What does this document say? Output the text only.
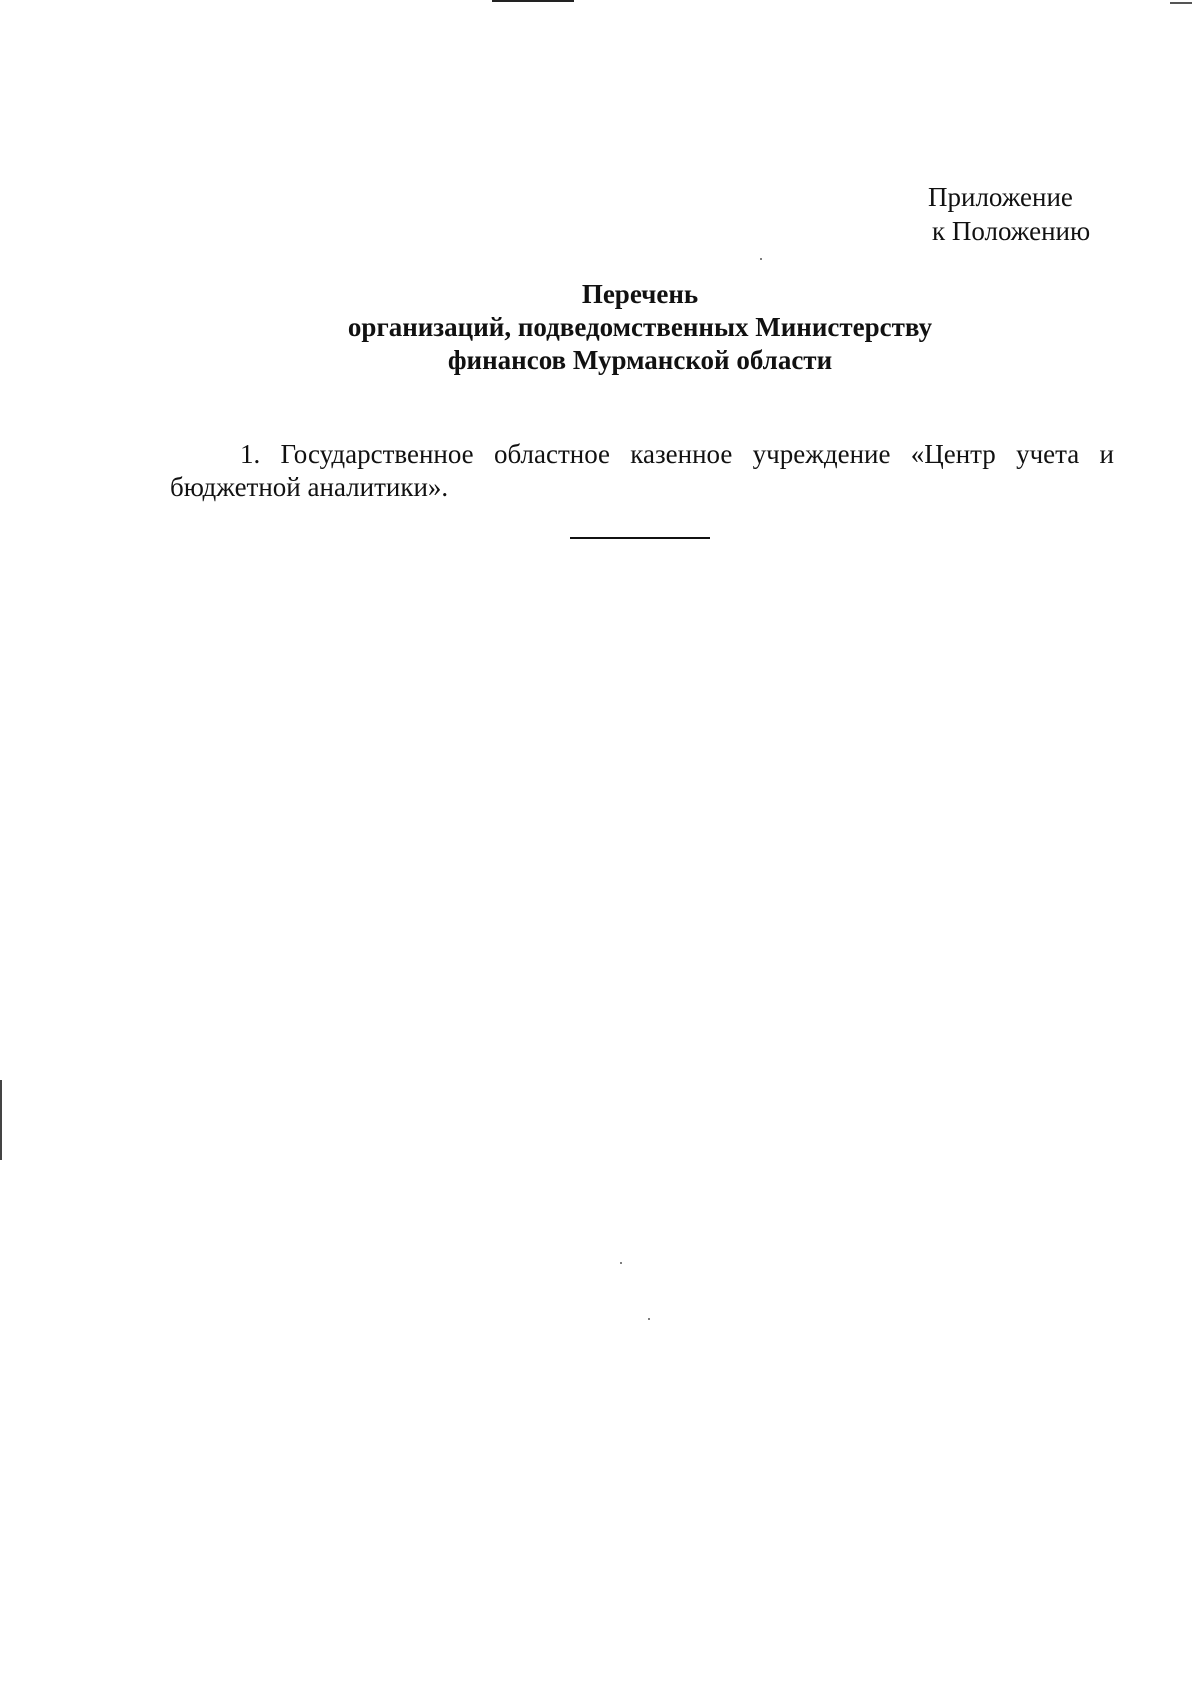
Приложение
к Положению
Перечень
организаций, подведомственных Министерству
финансов Мурманской области

1. Государственное областное казенное учреждение «Центр учета и бюджетной аналитики».
